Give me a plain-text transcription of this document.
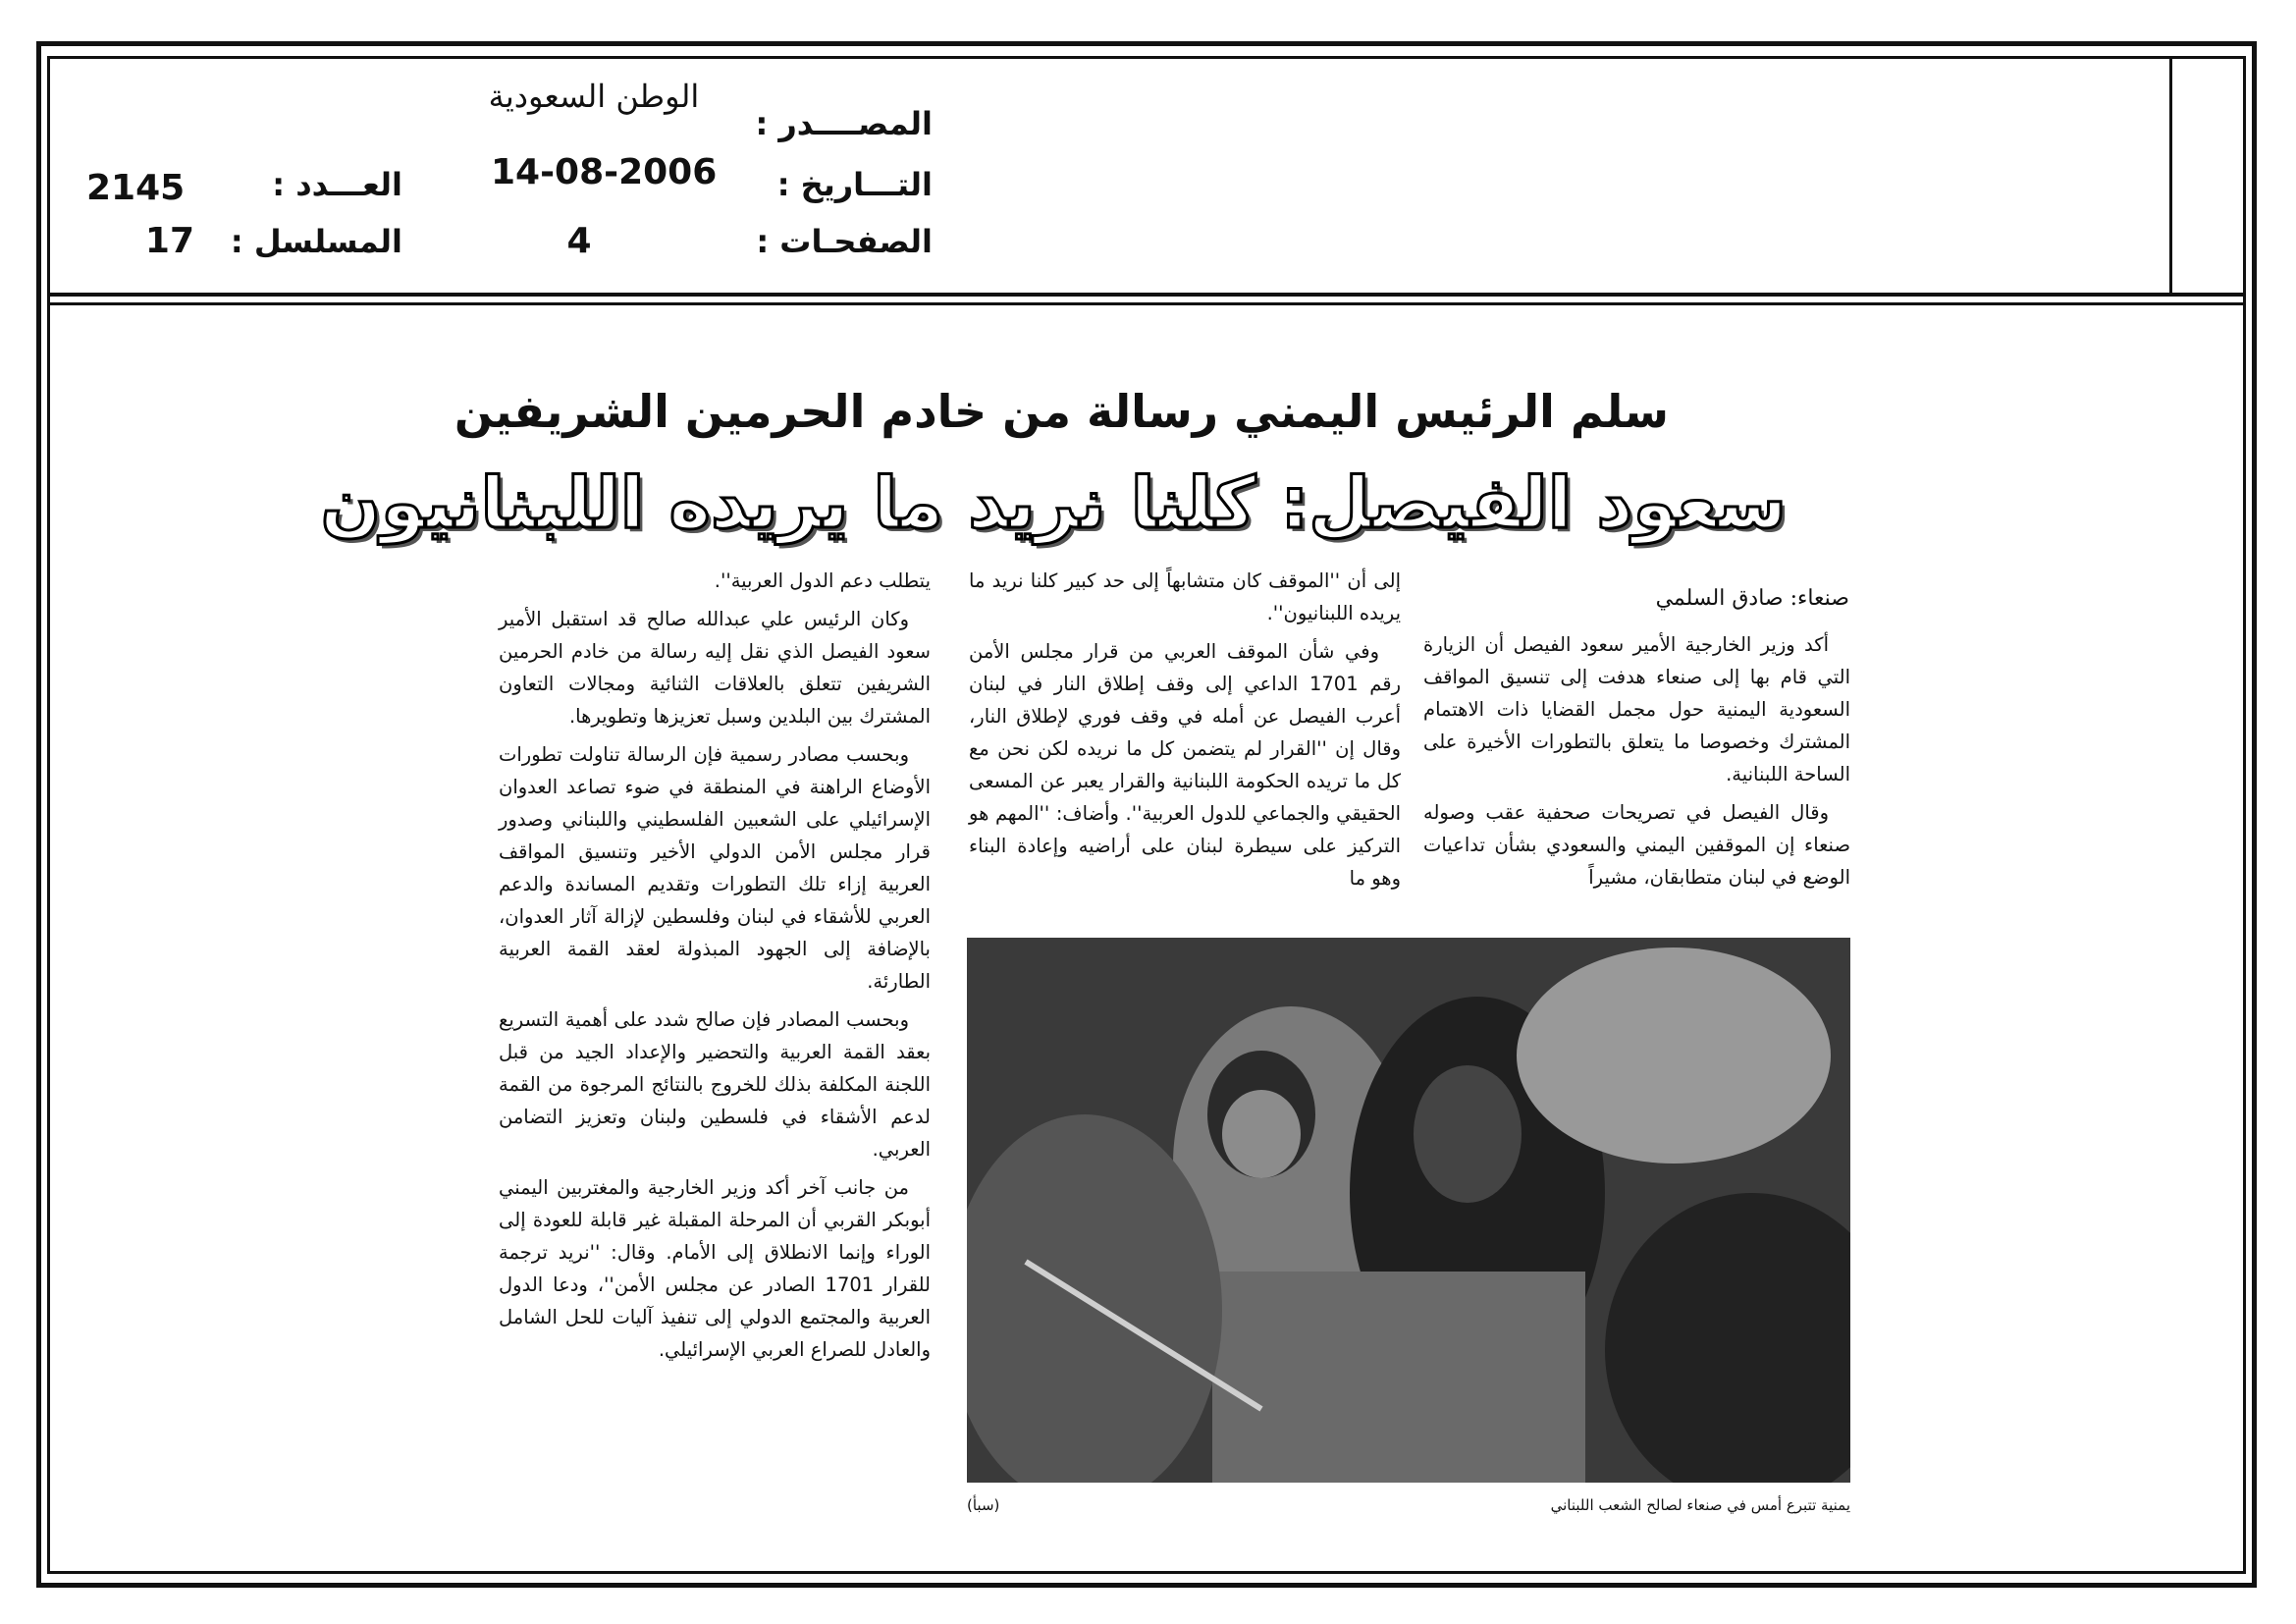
المصــــدر :
الوطن السعودية
التـــاريخ :
14-08-2006
الصفحـات :
4
العـــدد :
2145
المسلسل :
17
سلم الرئيس اليمني رسالة من خادم الحرمين الشريفين
سعود الفيصل: كلنا نريد ما يريده اللبنانيون
صنعاء: صادق السلمي

أكد وزير الخارجية الأمير سعود الفيصل أن الزيارة التي قام بها إلى صنعاء هدفت إلى تنسيق المواقف السعودية اليمنية حول مجمل القضايا ذات الاهتمام المشترك وخصوصا ما يتعلق بالتطورات الأخيرة على الساحة اللبنانية.

وقال الفيصل في تصريحات صحفية عقب وصوله صنعاء إن الموقفين اليمني والسعودي بشأن تداعيات الوضع في لبنان متطابقان، مشيراً

إلى أن ''الموقف كان متشابهاً إلى حد كبير كلنا نريد ما يريده اللبنانيون''.

وفي شأن الموقف العربي من قرار مجلس الأمن رقم 1701 الداعي إلى وقف إطلاق النار في لبنان أعرب الفيصل عن أمله في وقف فوري لإطلاق النار، وقال إن ''القرار لم يتضمن كل ما نريده لكن نحن مع كل ما تريده الحكومة اللبنانية والقرار يعبر عن المسعى الحقيقي والجماعي للدول العربية''. وأضاف: ''المهم هو التركيز على سيطرة لبنان على أراضيه وإعادة البناء وهو ما

يتطلب دعم الدول العربية''.

وكان الرئيس علي عبدالله صالح قد استقبل الأمير سعود الفيصل الذي نقل إليه رسالة من خادم الحرمين الشريفين تتعلق بالعلاقات الثنائية ومجالات التعاون المشترك بين البلدين وسبل تعزيزها وتطويرها.

وبحسب مصادر رسمية فإن الرسالة تناولت تطورات الأوضاع الراهنة في المنطقة في ضوء تصاعد العدوان الإسرائيلي على الشعبين الفلسطيني واللبناني وصدور قرار مجلس الأمن الدولي الأخير وتنسيق المواقف العربية إزاء تلك التطورات وتقديم المساندة والدعم العربي للأشقاء في لبنان وفلسطين لإزالة آثار العدوان، بالإضافة إلى الجهود المبذولة لعقد القمة العربية الطارئة.

وبحسب المصادر فإن صالح شدد على أهمية التسريع بعقد القمة العربية والتحضير والإعداد الجيد من قبل اللجنة المكلفة بذلك للخروج بالنتائج المرجوة من القمة لدعم الأشقاء في فلسطين ولبنان وتعزيز التضامن العربي.

من جانب آخر أكد وزير الخارجية والمغتربين اليمني أبوبكر القربي أن المرحلة المقبلة غير قابلة للعودة إلى الوراء وإنما الانطلاق إلى الأمام. وقال: ''نريد ترجمة للقرار 1701 الصادر عن مجلس الأمن''، ودعا الدول العربية والمجتمع الدولي إلى تنفيذ آليات للحل الشامل والعادل للصراع العربي الإسرائيلي.

يمنية تتبرع أمس في صنعاء لصالح الشعب اللبناني
(سبأ)
